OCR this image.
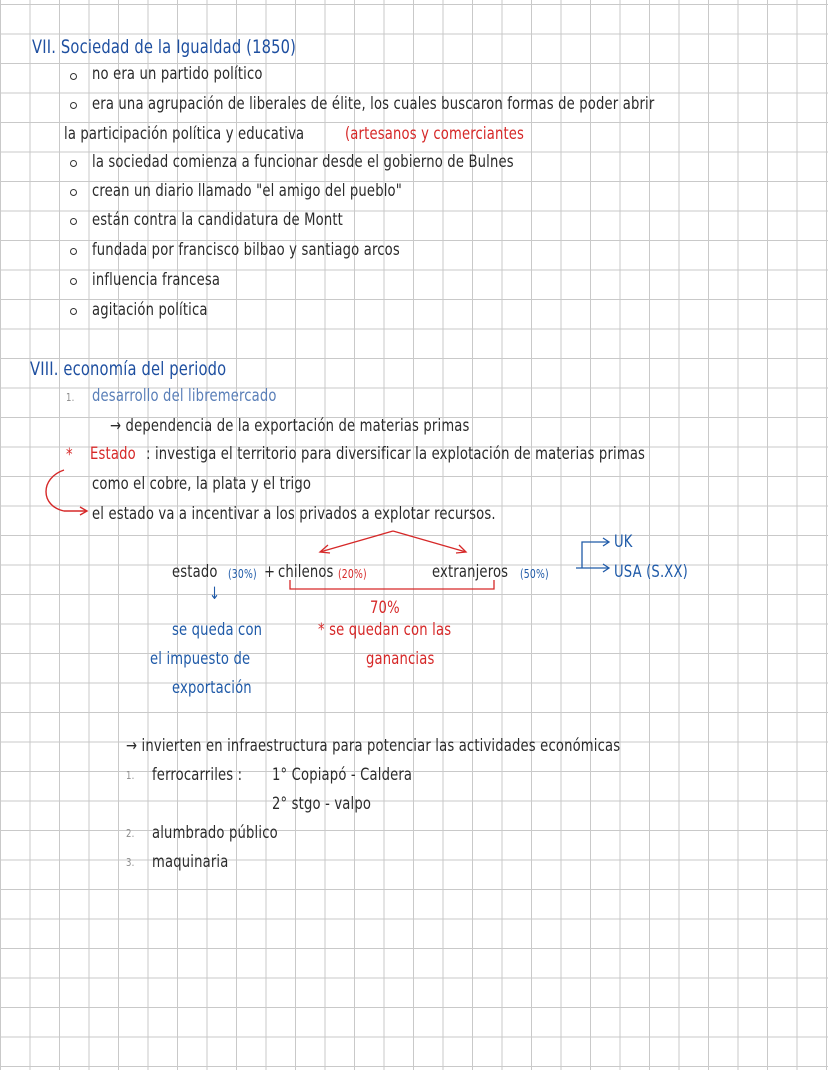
VII. Sociedad de la Igualdad (1850)
no era un partido político
era una agrupación de liberales de élite, los cuales buscaron formas de poder abrir
la participación política y educativa (artesanos y comerciantes
la sociedad comienza a funcionar desde el gobierno de Bulnes
crean un diario llamado "el amigo del pueblo"
están contra la candidatura de Montt
fundada por francisco bilbao y santiago arcos
influencia francesa
agitación política
VIII. economía del periodo
1. desarrollo del libremercado
→ dependencia de la exportación de materias primas
* Estado : investiga el territorio para diversificar la explotación de materias primas
como el cobre, la plata y el trigo
el estado va a incentivar a los privados a explotar recursos.
estado (30%) + chilenos (20%)	extranjeros (50%)
UK
USA (S.XX)
↓
70%
se queda con
el impuesto de
exportación
* se quedan con las
ganancias
→ invierten en infraestructura para potenciar las actividades económicas
1. ferrocarriles : 1° Copiapó - Caldera
2° stgo - valpo
2. alumbrado público
3. maquinaria
